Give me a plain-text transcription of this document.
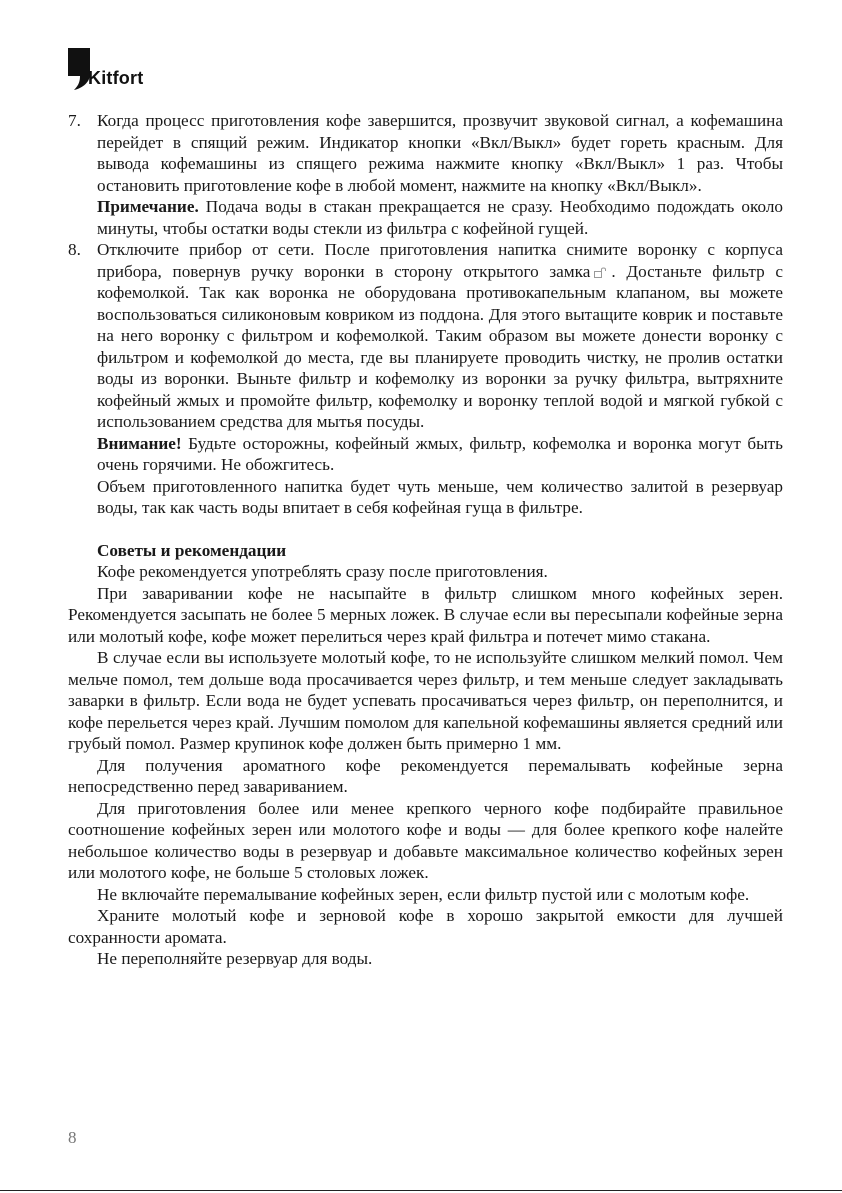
Kitfort
7. Когда процесс приготовления кофе завершится, прозвучит звуковой сигнал, а кофемашина перейдет в спящий режим. Индикатор кнопки «Вкл/Выкл» будет гореть красным. Для вывода кофемашины из спящего режима нажмите кнопку «Вкл/Выкл» 1 раз. Чтобы остановить приготовление кофе в любой момент, нажмите на кнопку «Вкл/Выкл».

Примечание. Подача воды в стакан прекращается не сразу. Необходимо подождать около минуты, чтобы остатки воды стекли из фильтра с кофейной гущей.

8. Отключите прибор от сети. После приготовления напитка снимите воронку с корпуса прибора, повернув ручку воронки в сторону открытого замка . Достаньте фильтр с кофемолкой. Так как воронка не оборудована противокапельным клапаном, вы можете воспользоваться силиконовым ковриком из поддона. Для этого вытащите коврик и поставьте на него воронку с фильтром и кофемолкой. Таким образом вы можете донести воронку с фильтром и кофемолкой до места, где вы планируете проводить чистку, не пролив остатки воды из воронки. Выньте фильтр и кофемолку из воронки за ручку фильтра, вытряхните кофейный жмых и промойте фильтр, кофемолку и воронку теплой водой и мягкой губкой с использованием средства для мытья посуды.

Внимание! Будьте осторожны, кофейный жмых, фильтр, кофемолка и воронка могут быть очень горячими. Не обожгитесь.

Объем приготовленного напитка будет чуть меньше, чем количество залитой в резервуар воды, так как часть воды впитает в себя кофейная гуща в фильтре.

Советы и рекомендации

Кофе рекомендуется употреблять сразу после приготовления.

При заваривании кофе не насыпайте в фильтр слишком много кофейных зерен. Рекомендуется засыпать не более 5 мерных ложек. В случае если вы пересыпали кофейные зерна или молотый кофе, кофе может перелиться через край фильтра и потечет мимо стакана.

В случае если вы используете молотый кофе, то не используйте слишком мелкий помол. Чем мельче помол, тем дольше вода просачивается через фильтр, и тем меньше следует закладывать заварки в фильтр. Если вода не будет успевать просачиваться через фильтр, он переполнится, и кофе перельется через край. Лучшим помолом для капельной кофемашины является средний или грубый помол. Размер крупинок кофе должен быть примерно 1 мм.

Для получения ароматного кофе рекомендуется перемалывать кофейные зерна непосредственно перед завариванием.

Для приготовления более или менее крепкого черного кофе подбирайте правильное соотношение кофейных зерен или молотого кофе и воды — для более крепкого кофе налейте небольшое количество воды в резервуар и добавьте максимальное количество кофейных зерен или молотого кофе, не больше 5 столовых ложек.

Не включайте перемалывание кофейных зерен, если фильтр пустой или с молотым кофе.

Храните молотый кофе и зерновой кофе в хорошо закрытой емкости для лучшей сохранности аромата.

Не переполняйте резервуар для воды.

8
